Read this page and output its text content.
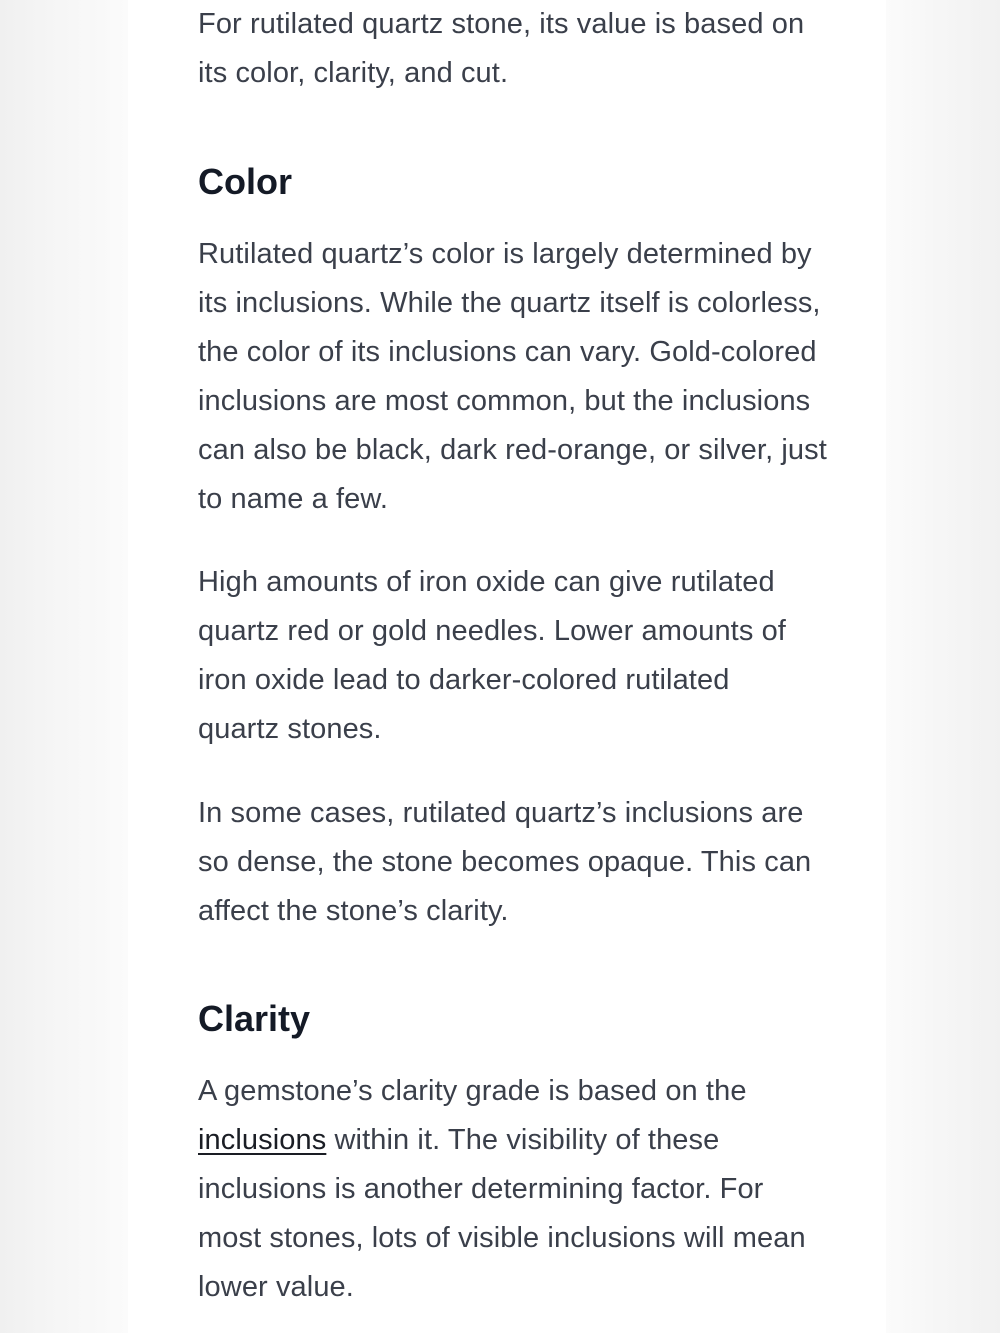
For rutilated quartz stone, its value is based on its color, clarity, and cut.

Color

Rutilated quartz’s color is largely determined by its inclusions. While the quartz itself is colorless, the color of its inclusions can vary. Gold-colored inclusions are most common, but the inclusions can also be black, dark red-orange, or silver, just to name a few.

High amounts of iron oxide can give rutilated quartz red or gold needles. Lower amounts of iron oxide lead to darker-colored rutilated quartz stones.

In some cases, rutilated quartz’s inclusions are so dense, the stone becomes opaque. This can affect the stone’s clarity.

Clarity

A gemstone’s clarity grade is based on the inclusions within it. The visibility of these inclusions is another determining factor. For most stones, lots of visible inclusions will mean lower value.
